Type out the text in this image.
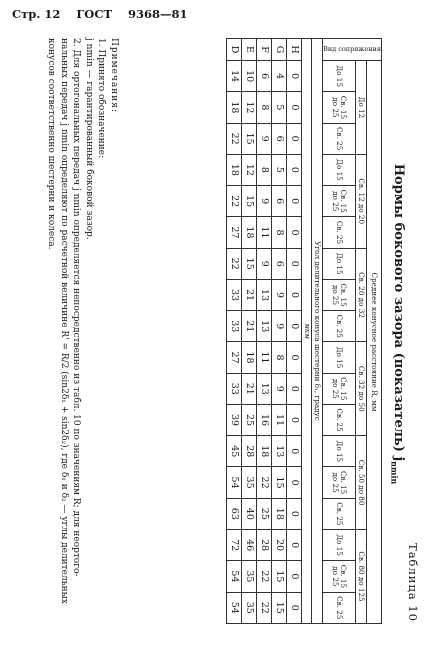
Стр. 12 ГОСТ 9368—81
Таблица 10
Нормы бокового зазора (показатель) $j_{nmin}$
Вид сопряжения	Среднее конусное расстояние R, мм																	
	До 12			Св. 12 до 20			Св. 20 до 32			Св. 32 до 50			Св. 50 до 80			Св. 80 до 125		
	До 15	Св. 15 до 25	Св. 25	До 15	Св. 15 до 25	Св. 25	До 15	Св. 15 до 25	Св. 25	До 15	Св. 15 до 25	Св. 25	До 15	Св. 15 до 25	Св. 25	До 15	Св. 15 до 25	Св. 25
Угол делительного конуса шестерни δ₁, градус																		
мкм																		
H	0	0	0	0	0	0	0	0	0	0	0	0	0	0	0	0	0	0
G	4	5	6	5	6	8	6	9	9	8	9	11	13	15	18	20	15	15
F	6	8	9	8	9	11	9	13	13	11	13	16	18	22	25	28	22	22
E	10	12	15	12	15	18	15	21	21	18	21	25	28	35	40	46	35	35
D	14	18	22	18	22	27	22	33	33	27	33	39	45	54	63	72	54	54

Примечания:

1. Принято обозначение:

j nmin — гарантированный боковой зазор.

2. Для ортогональных передач j nmin определяется непосредственно из табл. 10 по значениям R; для неортого-

нальных передач j nmin определяют по расчетной величине R' = R/2 (sin2δ₁ + sin2δ₂), где δ₁ и δ₂ — углы делительных

конусов соответственно шестерни и колеса.
